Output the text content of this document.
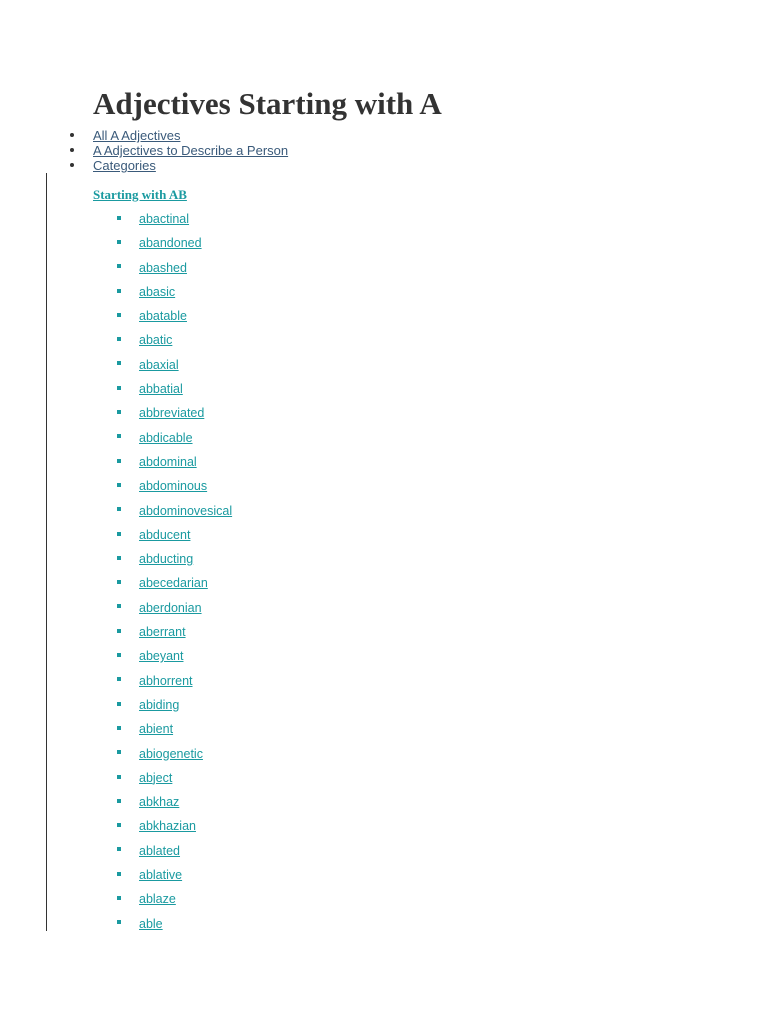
Adjectives Starting with A
All A Adjectives
A Adjectives to Describe a Person
Categories
Starting with AB
abactinal
abandoned
abashed
abasic
abatable
abatic
abaxial
abbatial
abbreviated
abdicable
abdominal
abdominous
abdominovesical
abducent
abducting
abecedarian
aberdonian
aberrant
abeyant
abhorrent
abiding
abient
abiogenetic
abject
abkhaz
abkhazian
ablated
ablative
ablaze
able
